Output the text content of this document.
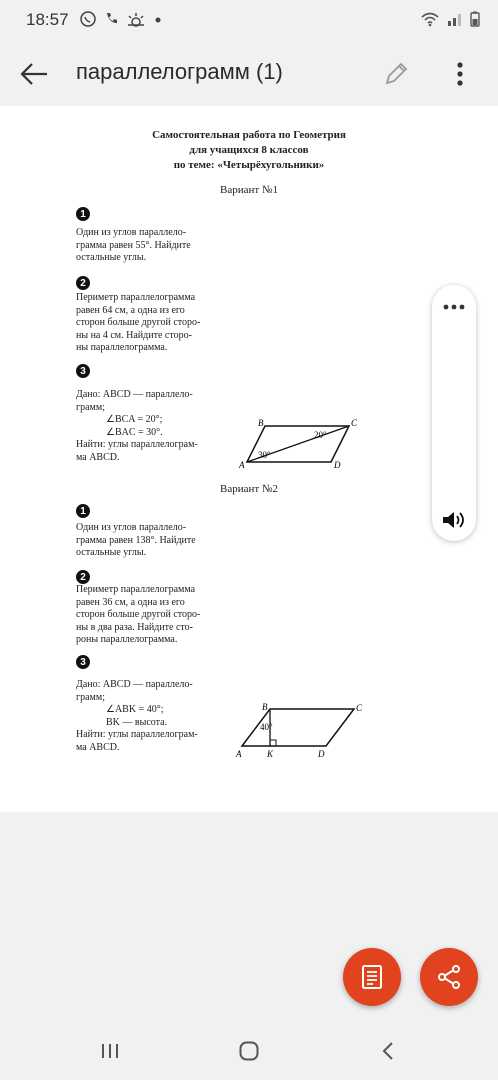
18:57
параллелограмм (1)
Самостоятельная работа по Геометрия
для учащихся 8 классов
по теме: «Четырёхугольники»
Вариант №1
1
Один из углов параллело-
грамма равен 55°. Найдите
остальные углы.
2
Периметр параллелограмма
равен 64 см, а одна из его
сторон больше другой сторо-
ны на 4 см. Найдите сторо-
ны параллелограмма.
3
Дано: ABCD — параллело-
грамм;
∠BCA = 20°;
∠BAC = 30°.
Найти: углы параллелограм-
ма ABCD.
B	C
A	D
20°
30°
Вариант №2
1
Один из углов параллело-
грамма равен 138°. Найдите
остальные углы.
2
Периметр параллелограмма
равен 36 см, а одна из его
сторон больше другой сторо-
ны в два раза. Найдите сто-
роны параллелограмма.
3
Дано: ABCD — параллело-
грамм;
∠ABK = 40°;
BK — высота.
Найти: углы параллелограм-
ма ABCD.
B	C
A	K	D
40°
